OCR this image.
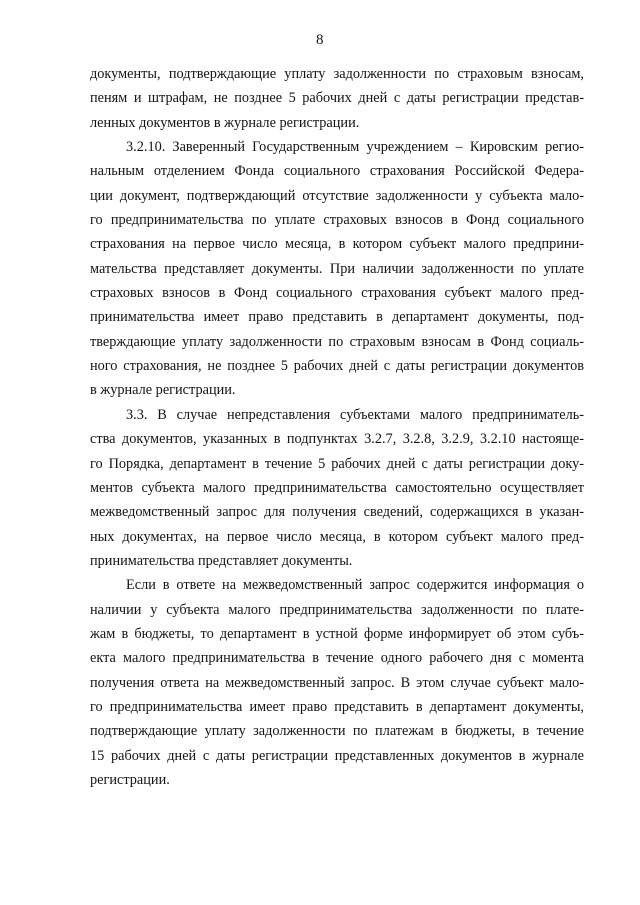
8
документы, подтверждающие уплату задолженности по страховым взносам,
пеням и штрафам, не позднее 5 рабочих дней с даты регистрации представ-
ленных документов в журнале регистрации.
3.2.10. Заверенный Государственным учреждением – Кировским регио-
нальным отделением Фонда социального страхования Российской Федера-
ции документ, подтверждающий отсутствие задолженности у субъекта мало-
го предпринимательства по уплате страховых взносов в Фонд социального
страхования на первое число месяца, в котором субъект малого предприни-
мательства представляет документы. При наличии задолженности по уплате
страховых взносов в Фонд социального страхования субъект малого пред-
принимательства имеет право представить в департамент документы, под-
тверждающие уплату задолженности по страховым взносам в Фонд социаль-
ного страхования, не позднее 5 рабочих дней с даты регистрации документов
в журнале регистрации.
3.3. В случае непредставления субъектами малого предприниматель-
ства документов, указанных в подпунктах 3.2.7, 3.2.8, 3.2.9, 3.2.10 настояще-
го Порядка, департамент в течение 5 рабочих дней с даты регистрации доку-
ментов субъекта малого предпринимательства самостоятельно осуществляет
межведомственный запрос для получения сведений, содержащихся в указан-
ных документах, на первое число месяца, в котором субъект малого пред-
принимательства представляет документы.
Если в ответе на межведомственный запрос содержится информация о
наличии у субъекта малого предпринимательства задолженности по плате-
жам в бюджеты, то департамент в устной форме информирует об этом субъ-
екта малого предпринимательства в течение одного рабочего дня с момента
получения ответа на межведомственный запрос. В этом случае субъект мало-
го предпринимательства имеет право представить в департамент документы,
подтверждающие уплату задолженности по платежам в бюджеты, в течение
15 рабочих дней с даты регистрации представленных документов в журнале
регистрации.
